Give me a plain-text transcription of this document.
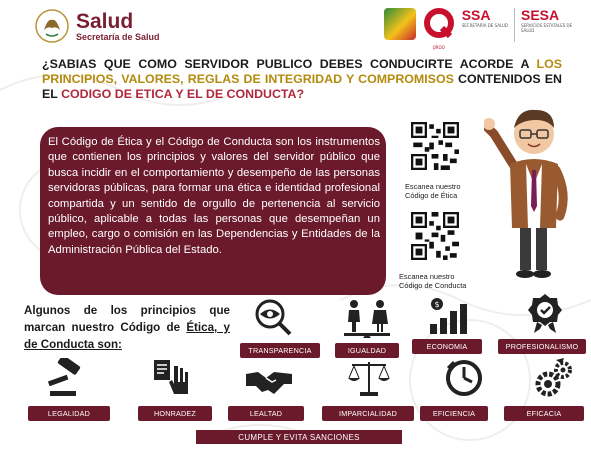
Salud
Secretaría de Salud
QROO
SSA
SECRETARÍA DE SALUD
SESA
SERVICIOS ESTATALES DE SALUD
¿SABIAS QUE COMO SERVIDOR PUBLICO DEBES CONDUCIRTE ACORDE A LOS PRINCIPIOS, VALORES, REGLAS DE INTEGRIDAD Y COMPROMISOS CONTENIDOS EN EL CODIGO DE ETICA Y EL DE CONDUCTA?

El Código de Ética y el Código de Conducta son los instrumentos que contienen los principios y valores del servidor público que busca incidir en el comportamiento y desempeño de las personas servidoras públicas, para formar una ética e identidad profesional compartida y un sentido de orgullo de pertenencia al servicio público, aplicable a todas las personas que desempeñan un empleo, cargo o comisión en las Dependencias y Entidades de la Administración Pública del Estado.

Escanea nuestro
Código de Ética
Escanea nuestro
Código de Conducta
Algunos de los principios que marcan nuestro Código de Ética, y de Conducta son:	TRANSPARENCIA	IGUALDAD
$
ECONOMIA	PROFESIONALISMO
LEGALIDAD	HONRADEZ	LEALTAD	IMPARCIALIDAD	EFICIENCIA	EFICACIA
CUMPLE Y EVITA SANCIONES
